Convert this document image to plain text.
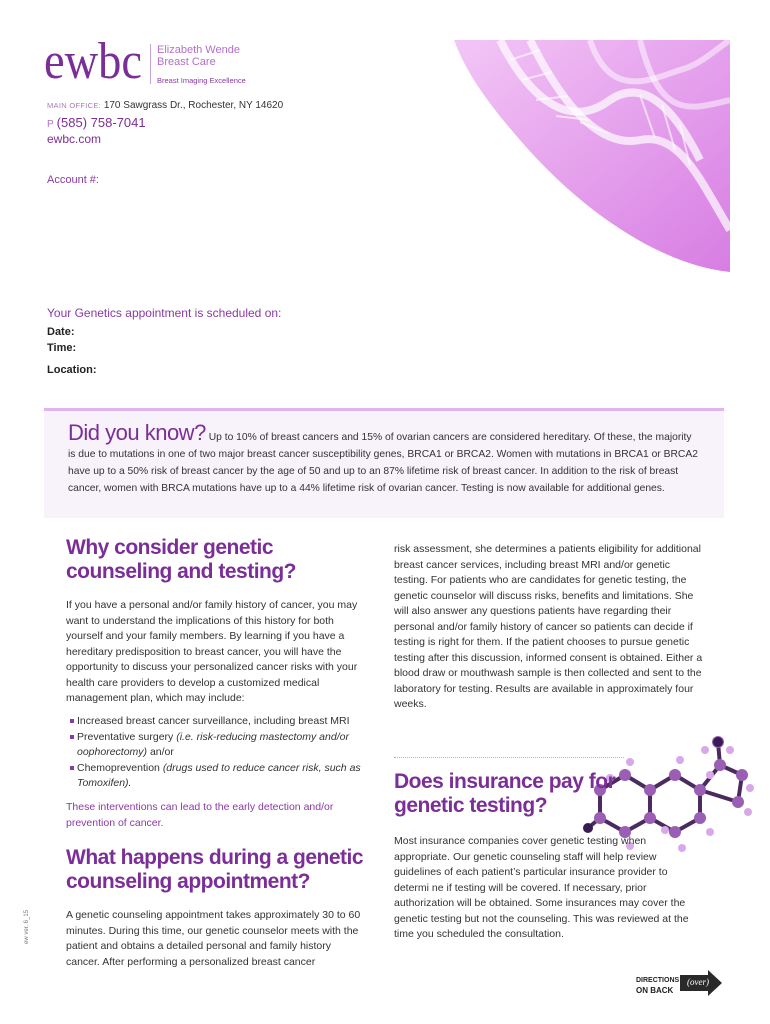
ewbc Elizabeth Wende
Breast Care
Breast Imaging Excellence
MAIN OFFICE: 170 Sawgrass Dr., Rochester, NY 14620
P (585) 758-7041
ewbc.com
Account #:
Your Genetics appointment is scheduled on:
Date:
Time:
Location:
Did you know? Up to 10% of breast cancers and 15% of ovarian cancers are considered hereditary. Of these, the majority is due to mutations in one of two major breast cancer susceptibility genes, BRCA1 or BRCA2. Women with mutations in BRCA1 or BRCA2 have up to a 50% risk of breast cancer by the age of 50 and up to an 87% lifetime risk of breast cancer. In addition to the risk of breast cancer, women with BRCA mutations have up to a 44% lifetime risk of ovarian cancer. Testing is now available for additional genes.
Why consider genetic counseling and testing?

If you have a personal and/or family history of cancer, you may want to understand the implications of this history for both yourself and your family members. By learning if you have a hereditary predisposition to breast cancer, you will have the opportunity to discuss your personalized cancer risks with your health care providers to develop a customized medical management plan, which may include:

Increased breast cancer surveillance, including breast MRI
Preventative surgery (i.e. risk-reducing mastectomy and/or oophorectomy) an/or
Chemoprevention (drugs used to reduce cancer risk, such as Tomoxifen).
These interventions can lead to the early detection and/or prevention of cancer.
What happens during a genetic counseling appointment?

A genetic counseling appointment takes approximately 30 to 60 minutes. During this time, our genetic counselor meets with the patient and obtains a detailed personal and family history cancer. After performing a personalized breast cancer

risk assessment, she determines a patients eligibility for additional breast cancer services, including breast MRI and/or genetic testing. For patients who are candidates for genetic testing, the genetic counselor will discuss risks, benefits and limitations. She will also answer any questions patients have regarding their personal and/or family history of cancer so patients can decide if testing is right for them. If the patient chooses to pursue genetic testing after this discussion, informed consent is obtained. Either a blood draw or mouthwash sample is then collected and sent to the laboratory for testing. Results are available in approximately four weeks.

Does insurance pay for genetic testing?

Most insurance companies cover genetic testing when appropriate. Our genetic counseling staff will help review guidelines of each patient’s particular insurance provider to determi ne if testing will be covered. If necessary, prior authorization will be obtained. Some insurances may cover the genetic testing but not the counseling. This was reviewed at the time you scheduled the consultation.

ew ver. 6_15
DIRECTIONS
ON BACK
(over)
